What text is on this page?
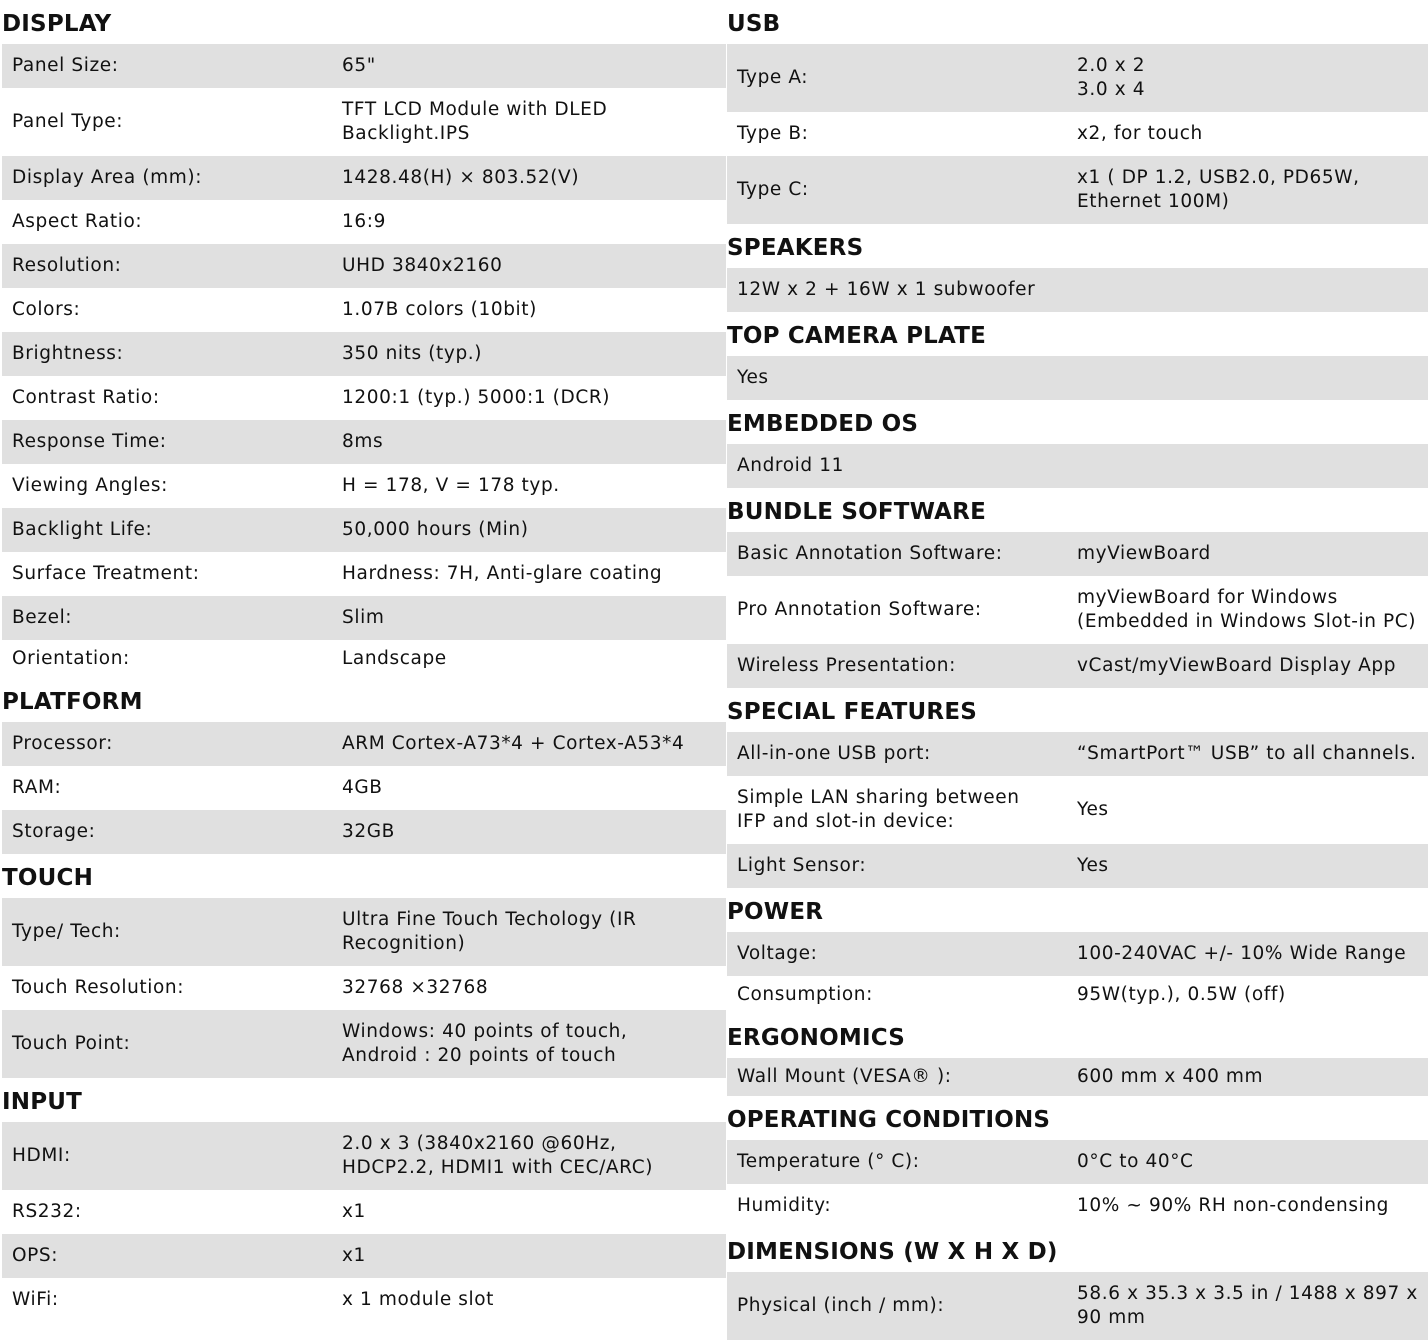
DISPLAY
Panel Size:	65"
Panel Type:
TFT LCD Module with DLED
Backlight.IPS
Display Area (mm):	1428.48(H) × 803.52(V)
Aspect Ratio:	16:9
Resolution:	UHD 3840x2160
Colors:	1.07B colors (10bit)
Brightness:	350 nits (typ.)
Contrast Ratio:	1200:1 (typ.) 5000:1 (DCR)
Response Time:	8ms
Viewing Angles:	H = 178, V = 178 typ.
Backlight Life:	50,000 hours (Min)
Surface Treatment:	Hardness: 7H, Anti-glare coating
Bezel:	Slim
Orientation:	Landscape
PLATFORM
Processor:	ARM Cortex-A73*4 + Cortex-A53*4
RAM:	4GB
Storage:	32GB
TOUCH
Type/ Tech:
Ultra Fine Touch Techology (IR
Recognition)
Touch Resolution:	32768 ×32768
Touch Point:
Windows: 40 points of touch,
Android : 20 points of touch
INPUT
HDMI:
2.0 x 3 (3840x2160 @60Hz,
HDCP2.2, HDMI1 with CEC/ARC)
RS232:	x1
OPS:	x1
WiFi:	x 1 module slot
USB
Type A:
2.0 x 2
3.0 x 4
Type B:	x2, for touch
Type C:
x1 ( DP 1.2, USB2.0, PD65W,
Ethernet 100M)
SPEAKERS
12W x 2 + 16W x 1 subwoofer
TOP CAMERA PLATE
Yes
EMBEDDED OS
Android 11
BUNDLE SOFTWARE
Basic Annotation Software:	myViewBoard
Pro Annotation Software:
myViewBoard for Windows
(Embedded in Windows Slot-in PC)
Wireless Presentation:	vCast/myViewBoard Display App
SPECIAL FEATURES
All-in-one USB port:	“SmartPort™ USB” to all channels.
Simple LAN sharing between
IFP and slot-in device:
Yes
Light Sensor:	Yes
POWER
Voltage:	100-240VAC +/- 10% Wide Range
Consumption:	95W(typ.), 0.5W (off)
ERGONOMICS
Wall Mount (VESA® ):	600 mm x 400 mm
OPERATING CONDITIONS
Temperature (° C):	0°C to 40°C
Humidity:	10% ~ 90% RH non-condensing
DIMENSIONS (W X H X D)
Physical (inch / mm):
58.6 x 35.3 x 3.5 in / 1488 x 897 x
90 mm
